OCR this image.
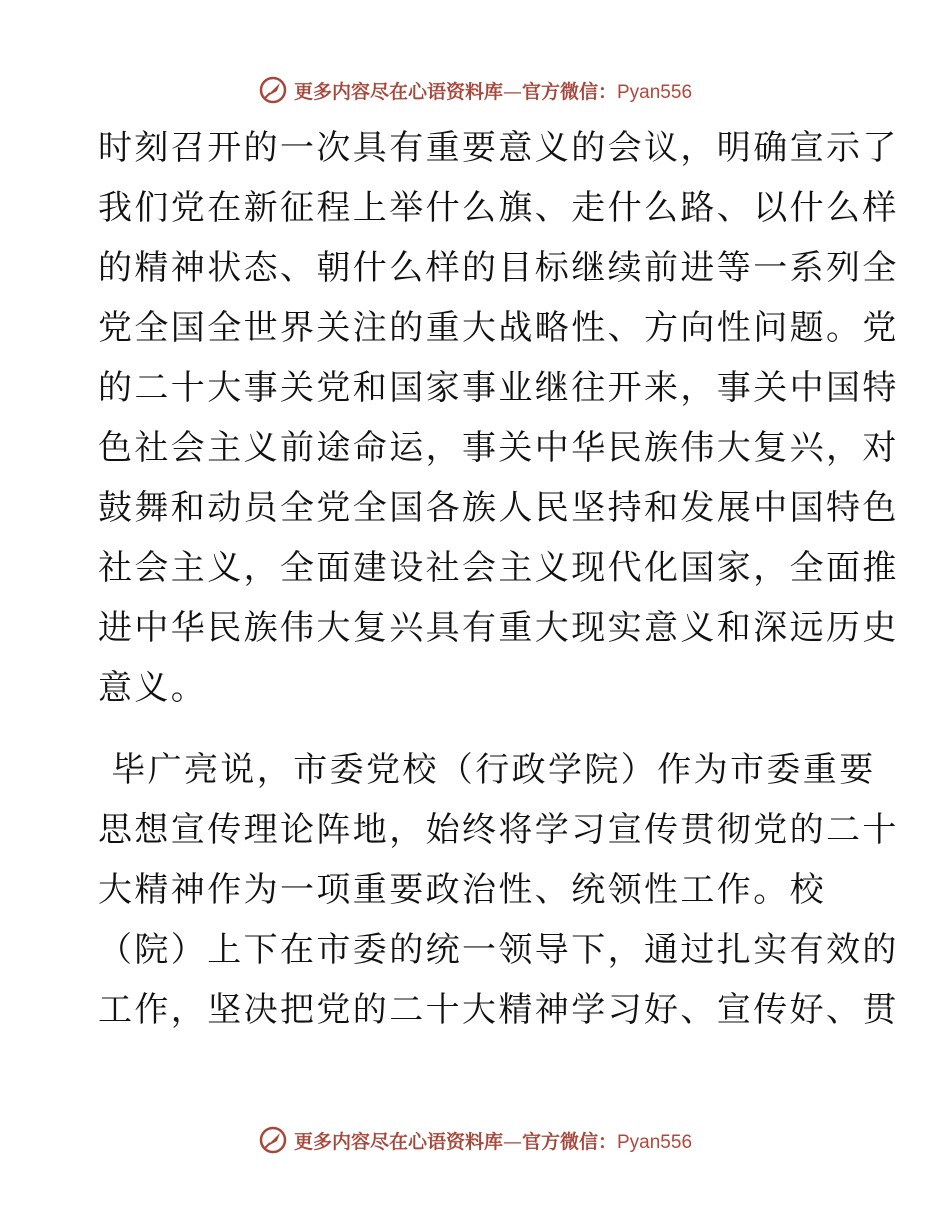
更多内容尽在心语资料库—官方微信：Pyan556
时刻召开的一次具有重要意义的会议，明确宣示了
我们党在新征程上举什么旗、走什么路、以什么样
的精神状态、朝什么样的目标继续前进等一系列全
党全国全世界关注的重大战略性、方向性问题。党
的二十大事关党和国家事业继往开来，事关中国特
色社会主义前途命运，事关中华民族伟大复兴，对
鼓舞和动员全党全国各族人民坚持和发展中国特色
社会主义，全面建设社会主义现代化国家，全面推
进中华民族伟大复兴具有重大现实意义和深远历史
意义。
毕广亮说，市委党校（行政学院）作为市委重要
思想宣传理论阵地，始终将学习宣传贯彻党的二十
大精神作为一项重要政治性、统领性工作。校
（院）上下在市委的统一领导下，通过扎实有效的
工作，坚决把党的二十大精神学习好、宣传好、贯
更多内容尽在心语资料库—官方微信：Pyan556
